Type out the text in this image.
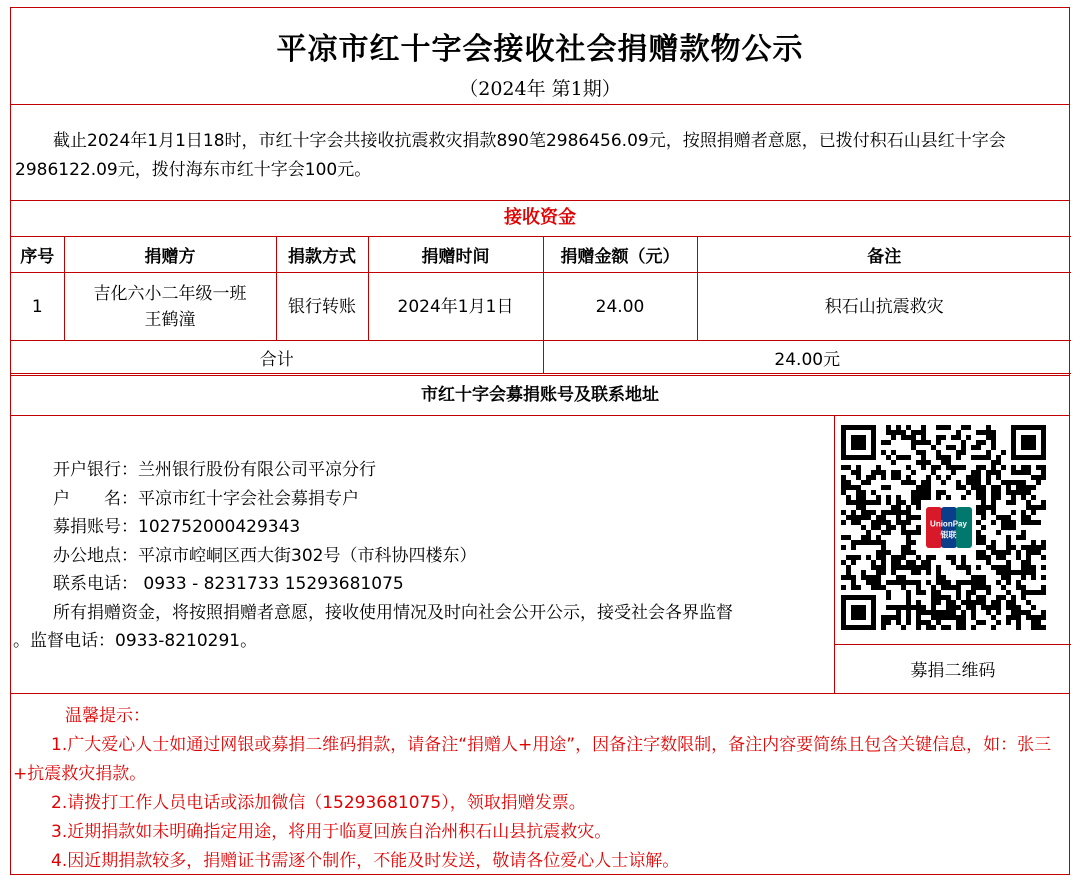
平凉市红十字会接收社会捐赠款物公示
（2024年 第1期）

截止2024年1月1日18时，市红十字会共接收抗震救灾捐款890笔2986456.09元，按照捐赠者意愿，已拨付积石山县红十字会2986122.09元，拨付海东市红十字会100元。

接收资金
序号	捐赠方	捐款方式	捐赠时间	捐赠金额（元）	备注
1	吉化六小二年级一班
王鹤潼	银行转账	2024年1月1日	24.00	积石山抗震救灾
合计				24.00元	
市红十字会募捐账号及联系地址
开户银行：兰州银行股份有限公司平凉分行
户　　名：平凉市红十字会社会募捐专户
募捐账号：102752000429343
办公地点：平凉市崆峒区西大街302号（市科协四楼东）
联系电话： 0933 - 8231733 15293681075
所有捐赠资金，将按照捐赠者意愿，接收使用情况及时向社会公开公示，接受社会各界监督
。监督电话：0933-8210291。
UnionPay
银联
募捐二维码
温馨提示：
1.广大爱心人士如通过网银或募捐二维码捐款，请备注“捐赠人+用途”，因备注字数限制，备注内容要简练且包含关键信息，如：张三+抗震救灾捐款。
2.请拨打工作人员电话或添加微信（15293681075），领取捐赠发票。
3.近期捐款如未明确指定用途，将用于临夏回族自治州积石山县抗震救灾。
4.因近期捐款较多，捐赠证书需逐个制作，不能及时发送，敬请各位爱心人士谅解。
